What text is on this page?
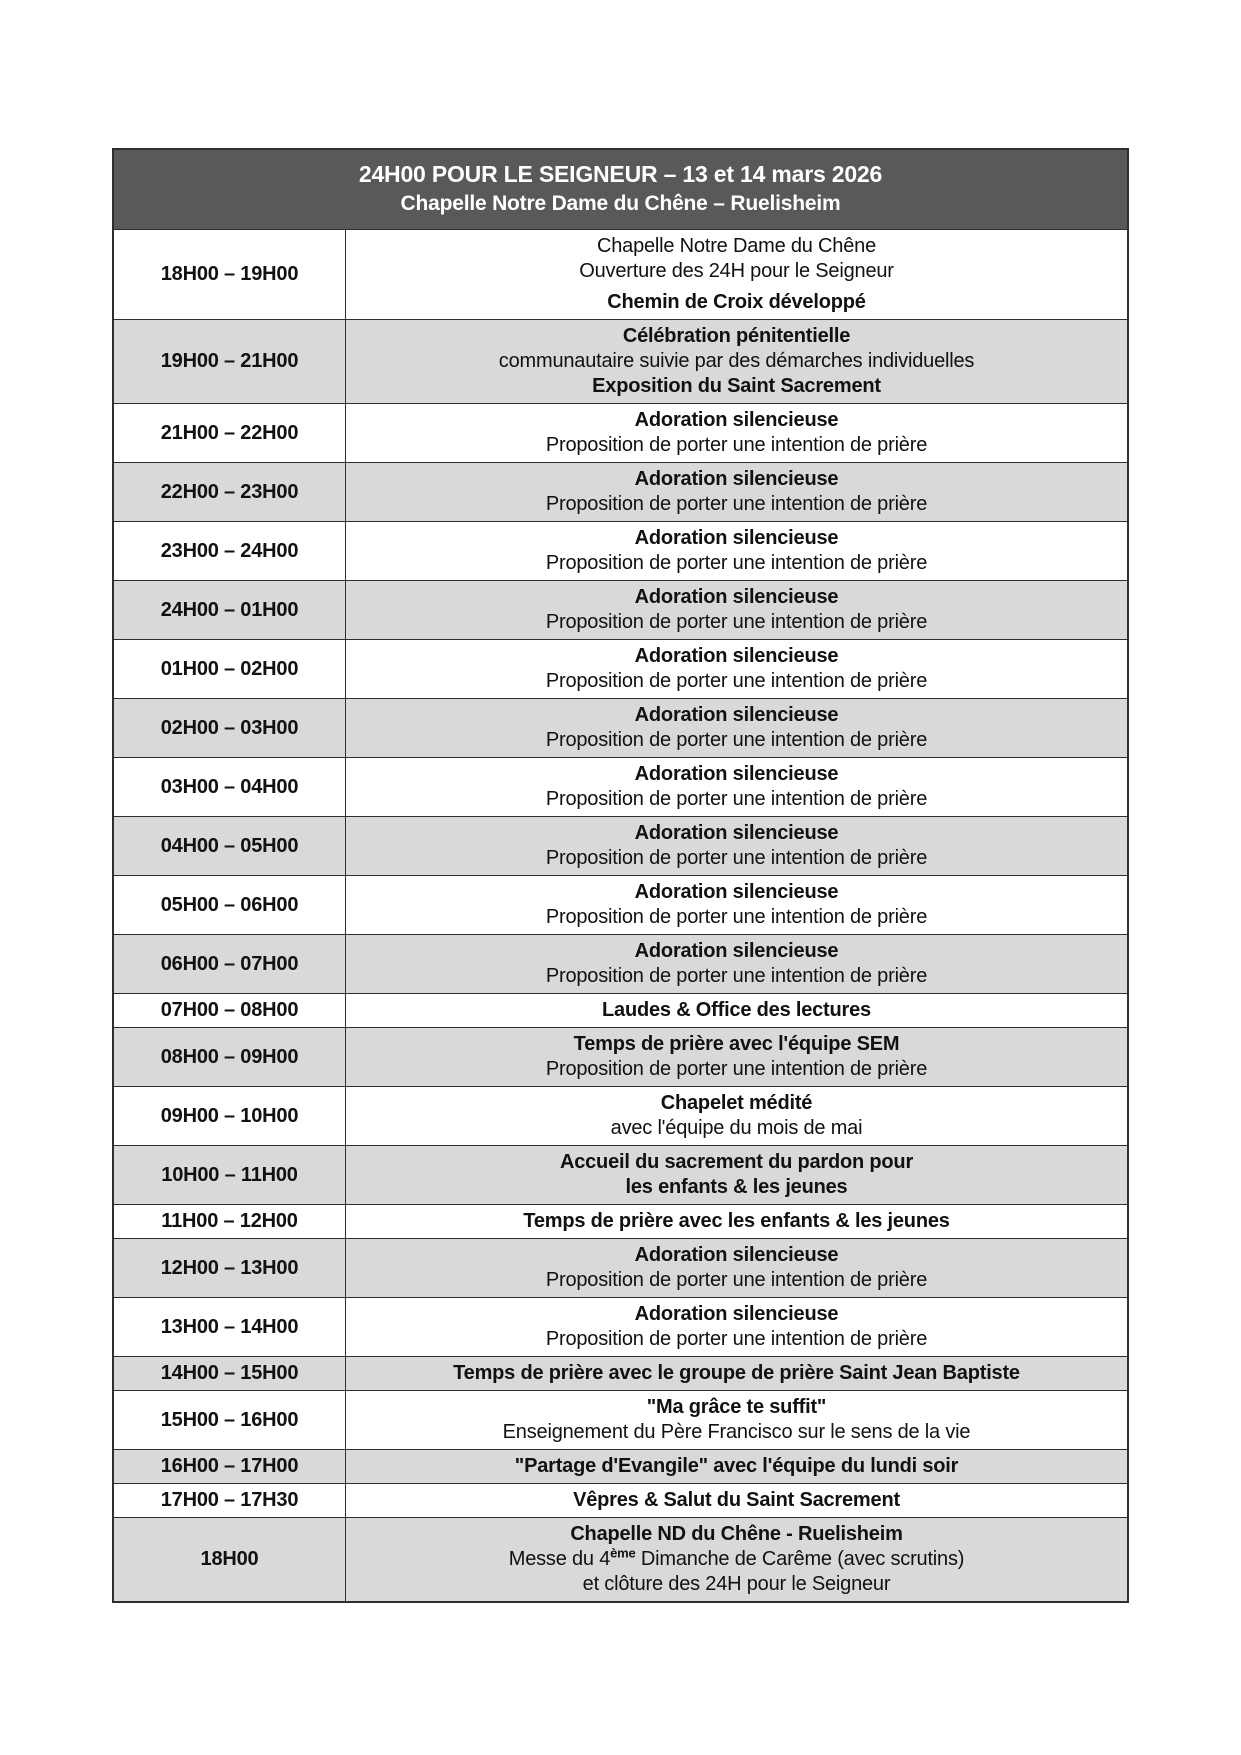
24H00 POUR LE SEIGNEUR – 13 et 14 mars 2026
Chapelle Notre Dame du Chêne – Ruelisheim
18H00 – 19H00
Chapelle Notre Dame du Chêne
Ouverture des 24H pour le Seigneur
Chemin de Croix développé
19H00 – 21H00
Célébration pénitentielle
communautaire suivie par des démarches individuelles
Exposition du Saint Sacrement
21H00 – 22H00
Adoration silencieuse
Proposition de porter une intention de prière
22H00 – 23H00
Adoration silencieuse
Proposition de porter une intention de prière
23H00 – 24H00
Adoration silencieuse
Proposition de porter une intention de prière
24H00 – 01H00
Adoration silencieuse
Proposition de porter une intention de prière
01H00 – 02H00
Adoration silencieuse
Proposition de porter une intention de prière
02H00 – 03H00
Adoration silencieuse
Proposition de porter une intention de prière
03H00 – 04H00
Adoration silencieuse
Proposition de porter une intention de prière
04H00 – 05H00
Adoration silencieuse
Proposition de porter une intention de prière
05H00 – 06H00
Adoration silencieuse
Proposition de porter une intention de prière
06H00 – 07H00
Adoration silencieuse
Proposition de porter une intention de prière
07H00 – 08H00	Laudes & Office des lectures
08H00 – 09H00
Temps de prière avec l'équipe SEM
Proposition de porter une intention de prière
09H00 – 10H00
Chapelet médité
avec l'équipe du mois de mai
10H00 – 11H00
Accueil du sacrement du pardon pour
les enfants & les jeunes
11H00 – 12H00	Temps de prière avec les enfants & les jeunes
12H00 – 13H00
Adoration silencieuse
Proposition de porter une intention de prière
13H00 – 14H00
Adoration silencieuse
Proposition de porter une intention de prière
14H00 – 15H00	Temps de prière avec le groupe de prière Saint Jean Baptiste
15H00 – 16H00
"Ma grâce te suffit"
Enseignement du Père Francisco sur le sens de la vie
16H00 – 17H00	"Partage d'Evangile" avec l'équipe du lundi soir
17H00 – 17H30	Vêpres & Salut du Saint Sacrement
18H00
Chapelle ND du Chêne - Ruelisheim
Messe du 4ème Dimanche de Carême (avec scrutins)
et clôture des 24H pour le Seigneur
